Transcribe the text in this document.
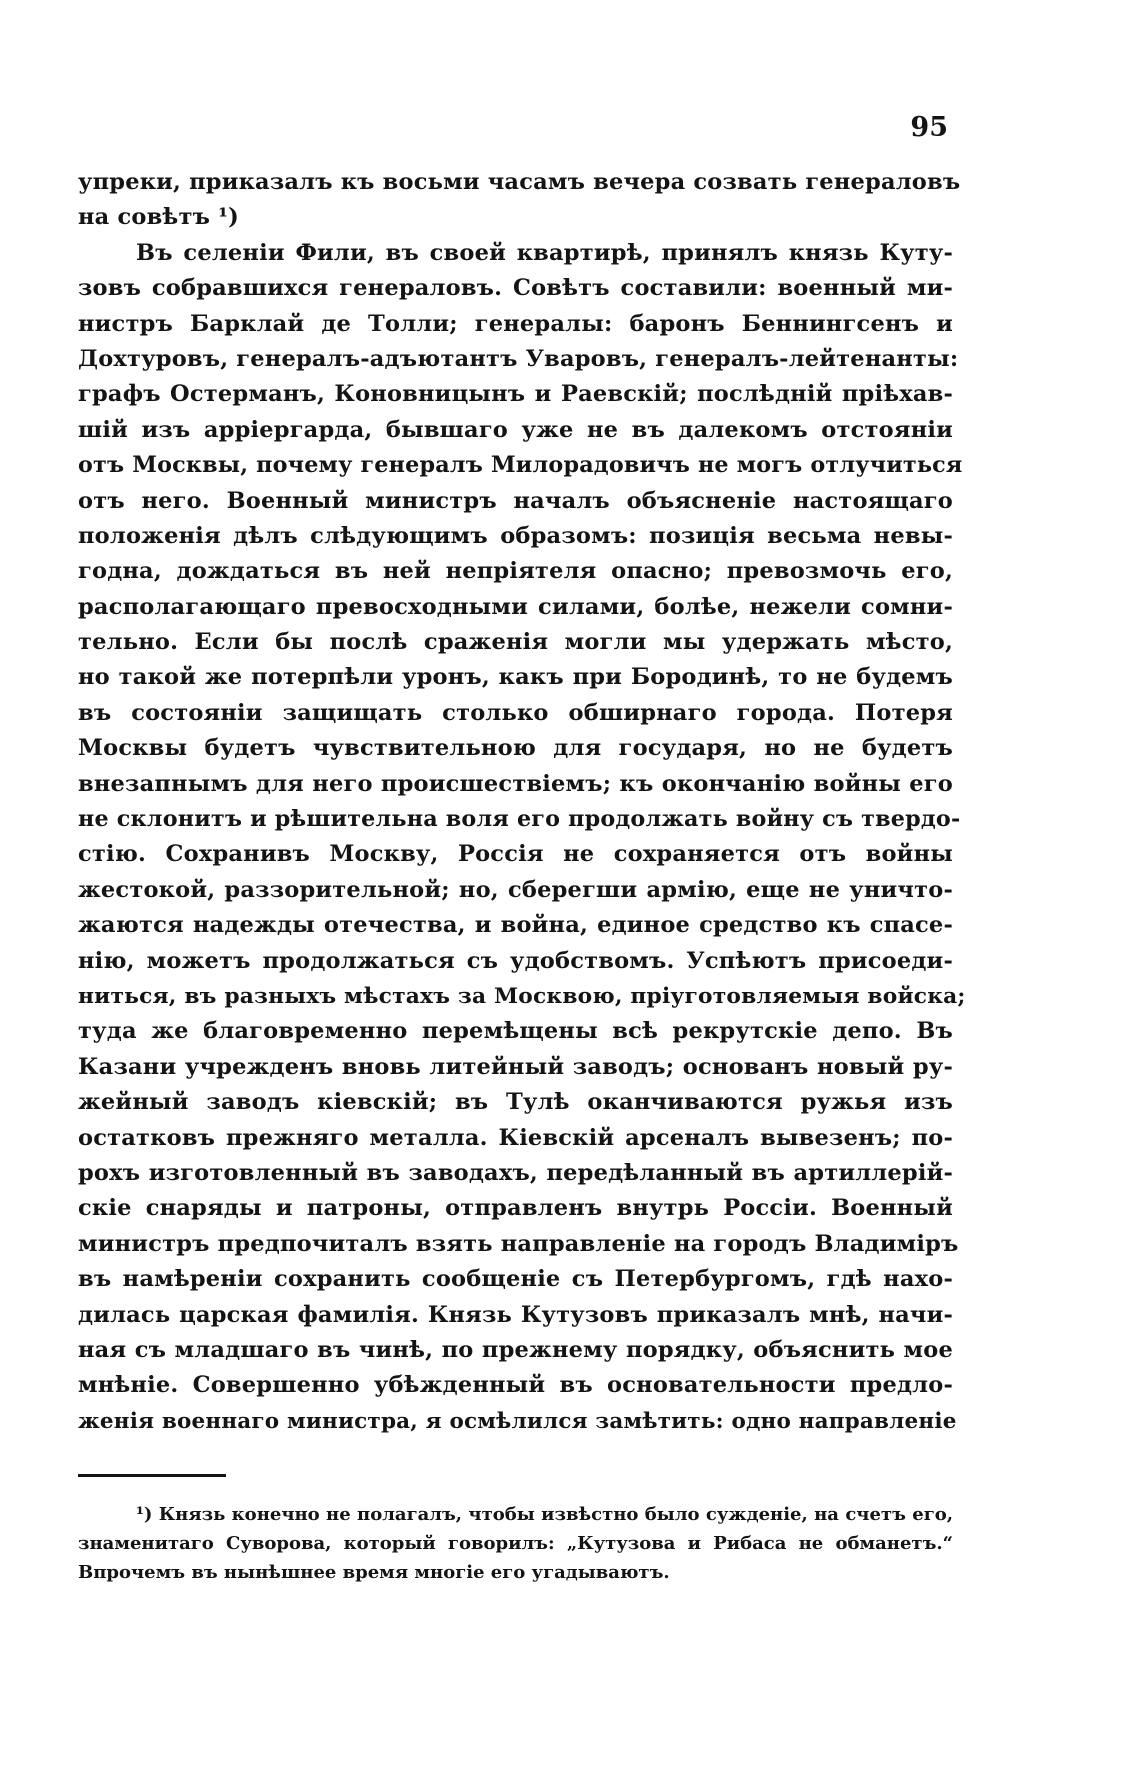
95
упреки, приказалъ къ восьми часамъ вечера созвать генераловъ
на совѣтъ ¹)
Въ селеніи Фили, въ своей квартирѣ, принялъ князь Куту-
зовъ собравшихся генераловъ. Совѣтъ составили: военный ми-
нистръ Барклай де Толли; генералы: баронъ Беннингсенъ и
Дохтуровъ, генералъ-адъютантъ Уваровъ, генералъ-лейтенанты:
графъ Остерманъ, Коновницынъ и Раевскій; послѣдній пріѣхав-
шій изъ арріергарда, бывшаго уже не въ далекомъ отстояніи
отъ Москвы, почему генералъ Милорадовичъ не могъ отлучиться
отъ него. Военный министръ началъ объясненіе настоящаго
положенія дѣлъ слѣдующимъ образомъ: позиція весьма невы-
годна, дождаться въ ней непріятеля опасно; превозмочь его,
располагающаго превосходными силами, болѣе, нежели сомни-
тельно. Если бы послѣ сраженія могли мы удержать мѣсто,
но такой же потерпѣли уронъ, какъ при Бородинѣ, то не будемъ
въ состояніи защищать столько обширнаго города. Потеря
Москвы будетъ чувствительною для государя, но не будетъ
внезапнымъ для него происшествіемъ; къ окончанію войны его
не склонитъ и рѣшительна воля его продолжать войну съ твердо-
стію. Сохранивъ Москву, Россія не сохраняется отъ войны
жестокой, раззорительной; но, сберегши армію, еще не уничто-
жаются надежды отечества, и война, единое средство къ спасе-
нію, можетъ продолжаться съ удобствомъ. Успѣютъ присоеди-
ниться, въ разныхъ мѣстахъ за Москвою, пріуготовляемыя войска;
туда же благовременно перемѣщены всѣ рекрутскіе депо. Въ
Казани учрежденъ вновь литейный заводъ; основанъ новый ру-
жейный заводъ кіевскій; въ Тулѣ оканчиваются ружья изъ
остатковъ прежняго металла. Кіевскій арсеналъ вывезенъ; по-
рохъ изготовленный въ заводахъ, передѣланный въ артиллерій-
скіе снаряды и патроны, отправленъ внутрь Россіи. Военный
министръ предпочиталъ взять направленіе на городъ Владиміръ
въ намѣреніи сохранить сообщеніе съ Петербургомъ, гдѣ нахо-
дилась царская фамилія. Князь Кутузовъ приказалъ мнѣ, начи-
ная съ младшаго въ чинѣ, по прежнему порядку, объяснить мое
мнѣніе. Совершенно убѣжденный въ основательности предло-
женія военнаго министра, я осмѣлился замѣтить: одно направленіе
¹) Князь конечно не полагалъ, чтобы извѣстно было сужденіе, на счетъ его,
знаменитаго Суворова, который говорилъ: „Кутузова и Рибаса не обманетъ.“
Впрочемъ въ нынѣшнее время многіе его угадываютъ.
